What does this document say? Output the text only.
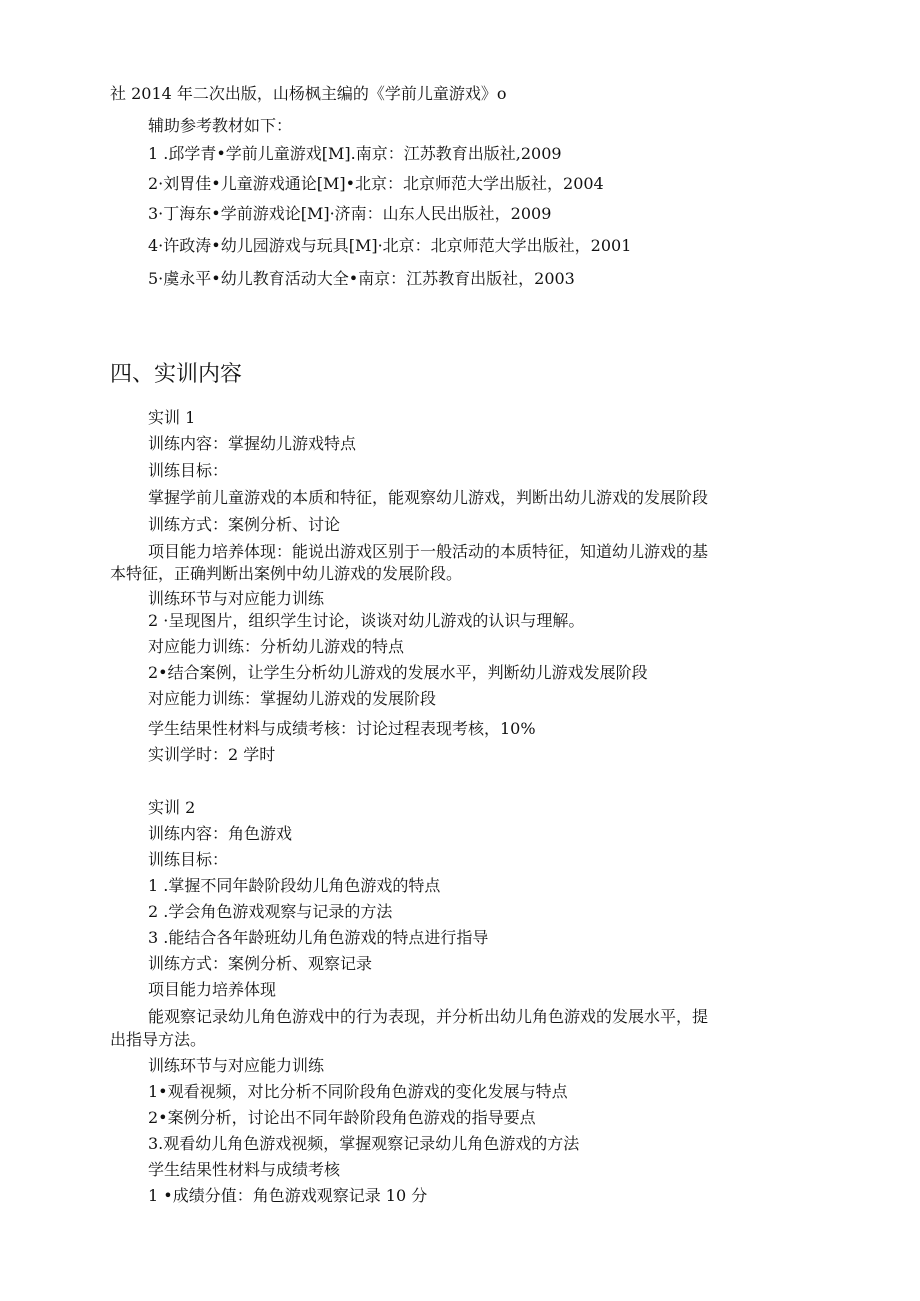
社 2014 年二次出版，山杨枫主编的《学前儿童游戏》o
辅助参考教材如下：
1 .邱学青•学前儿童游戏[M].南京：江苏教育出版社,2009
2·刘胃佳•儿童游戏通论[M]•北京：北京师范大学出版社，2004
3·丁海东•学前游戏论[M]·济南：山东人民出版社，2009
4·许政涛•幼儿园游戏与玩具[M]·北京：北京师范大学出版社，2001
5·虞永平•幼儿教育活动大全•南京：江苏教育出版社，2003
四、实训内容
实训 1
训练内容：掌握幼儿游戏特点
训练目标：
掌握学前儿童游戏的本质和特征，能观察幼儿游戏，判断出幼儿游戏的发展阶段
训练方式：案例分析、讨论
项目能力培养体现：能说出游戏区别于一般活动的本质特征，知道幼儿游戏的基
本特征，正确判断出案例中幼儿游戏的发展阶段。
训练环节与对应能力训练
2 ·呈现图片，组织学生讨论，谈谈对幼儿游戏的认识与理解。
对应能力训练：分析幼儿游戏的特点
2•结合案例，让学生分析幼儿游戏的发展水平，判断幼儿游戏发展阶段
对应能力训练：掌握幼儿游戏的发展阶段
学生结果性材料与成绩考核：讨论过程表现考核，10%
实训学时：2 学时
实训 2
训练内容：角色游戏
训练目标：
1 .掌握不同年龄阶段幼儿角色游戏的特点
2 .学会角色游戏观察与记录的方法
3 .能结合各年龄班幼儿角色游戏的特点进行指导
训练方式：案例分析、观察记录
项目能力培养体现
能观察记录幼儿角色游戏中的行为表现，并分析出幼儿角色游戏的发展水平，提
出指导方法。
训练环节与对应能力训练
1•观看视频，对比分析不同阶段角色游戏的变化发展与特点
2•案例分析，讨论出不同年龄阶段角色游戏的指导要点
3.观看幼儿角色游戏视频，掌握观察记录幼儿角色游戏的方法
学生结果性材料与成绩考核
1 •成绩分值：角色游戏观察记录 10 分
